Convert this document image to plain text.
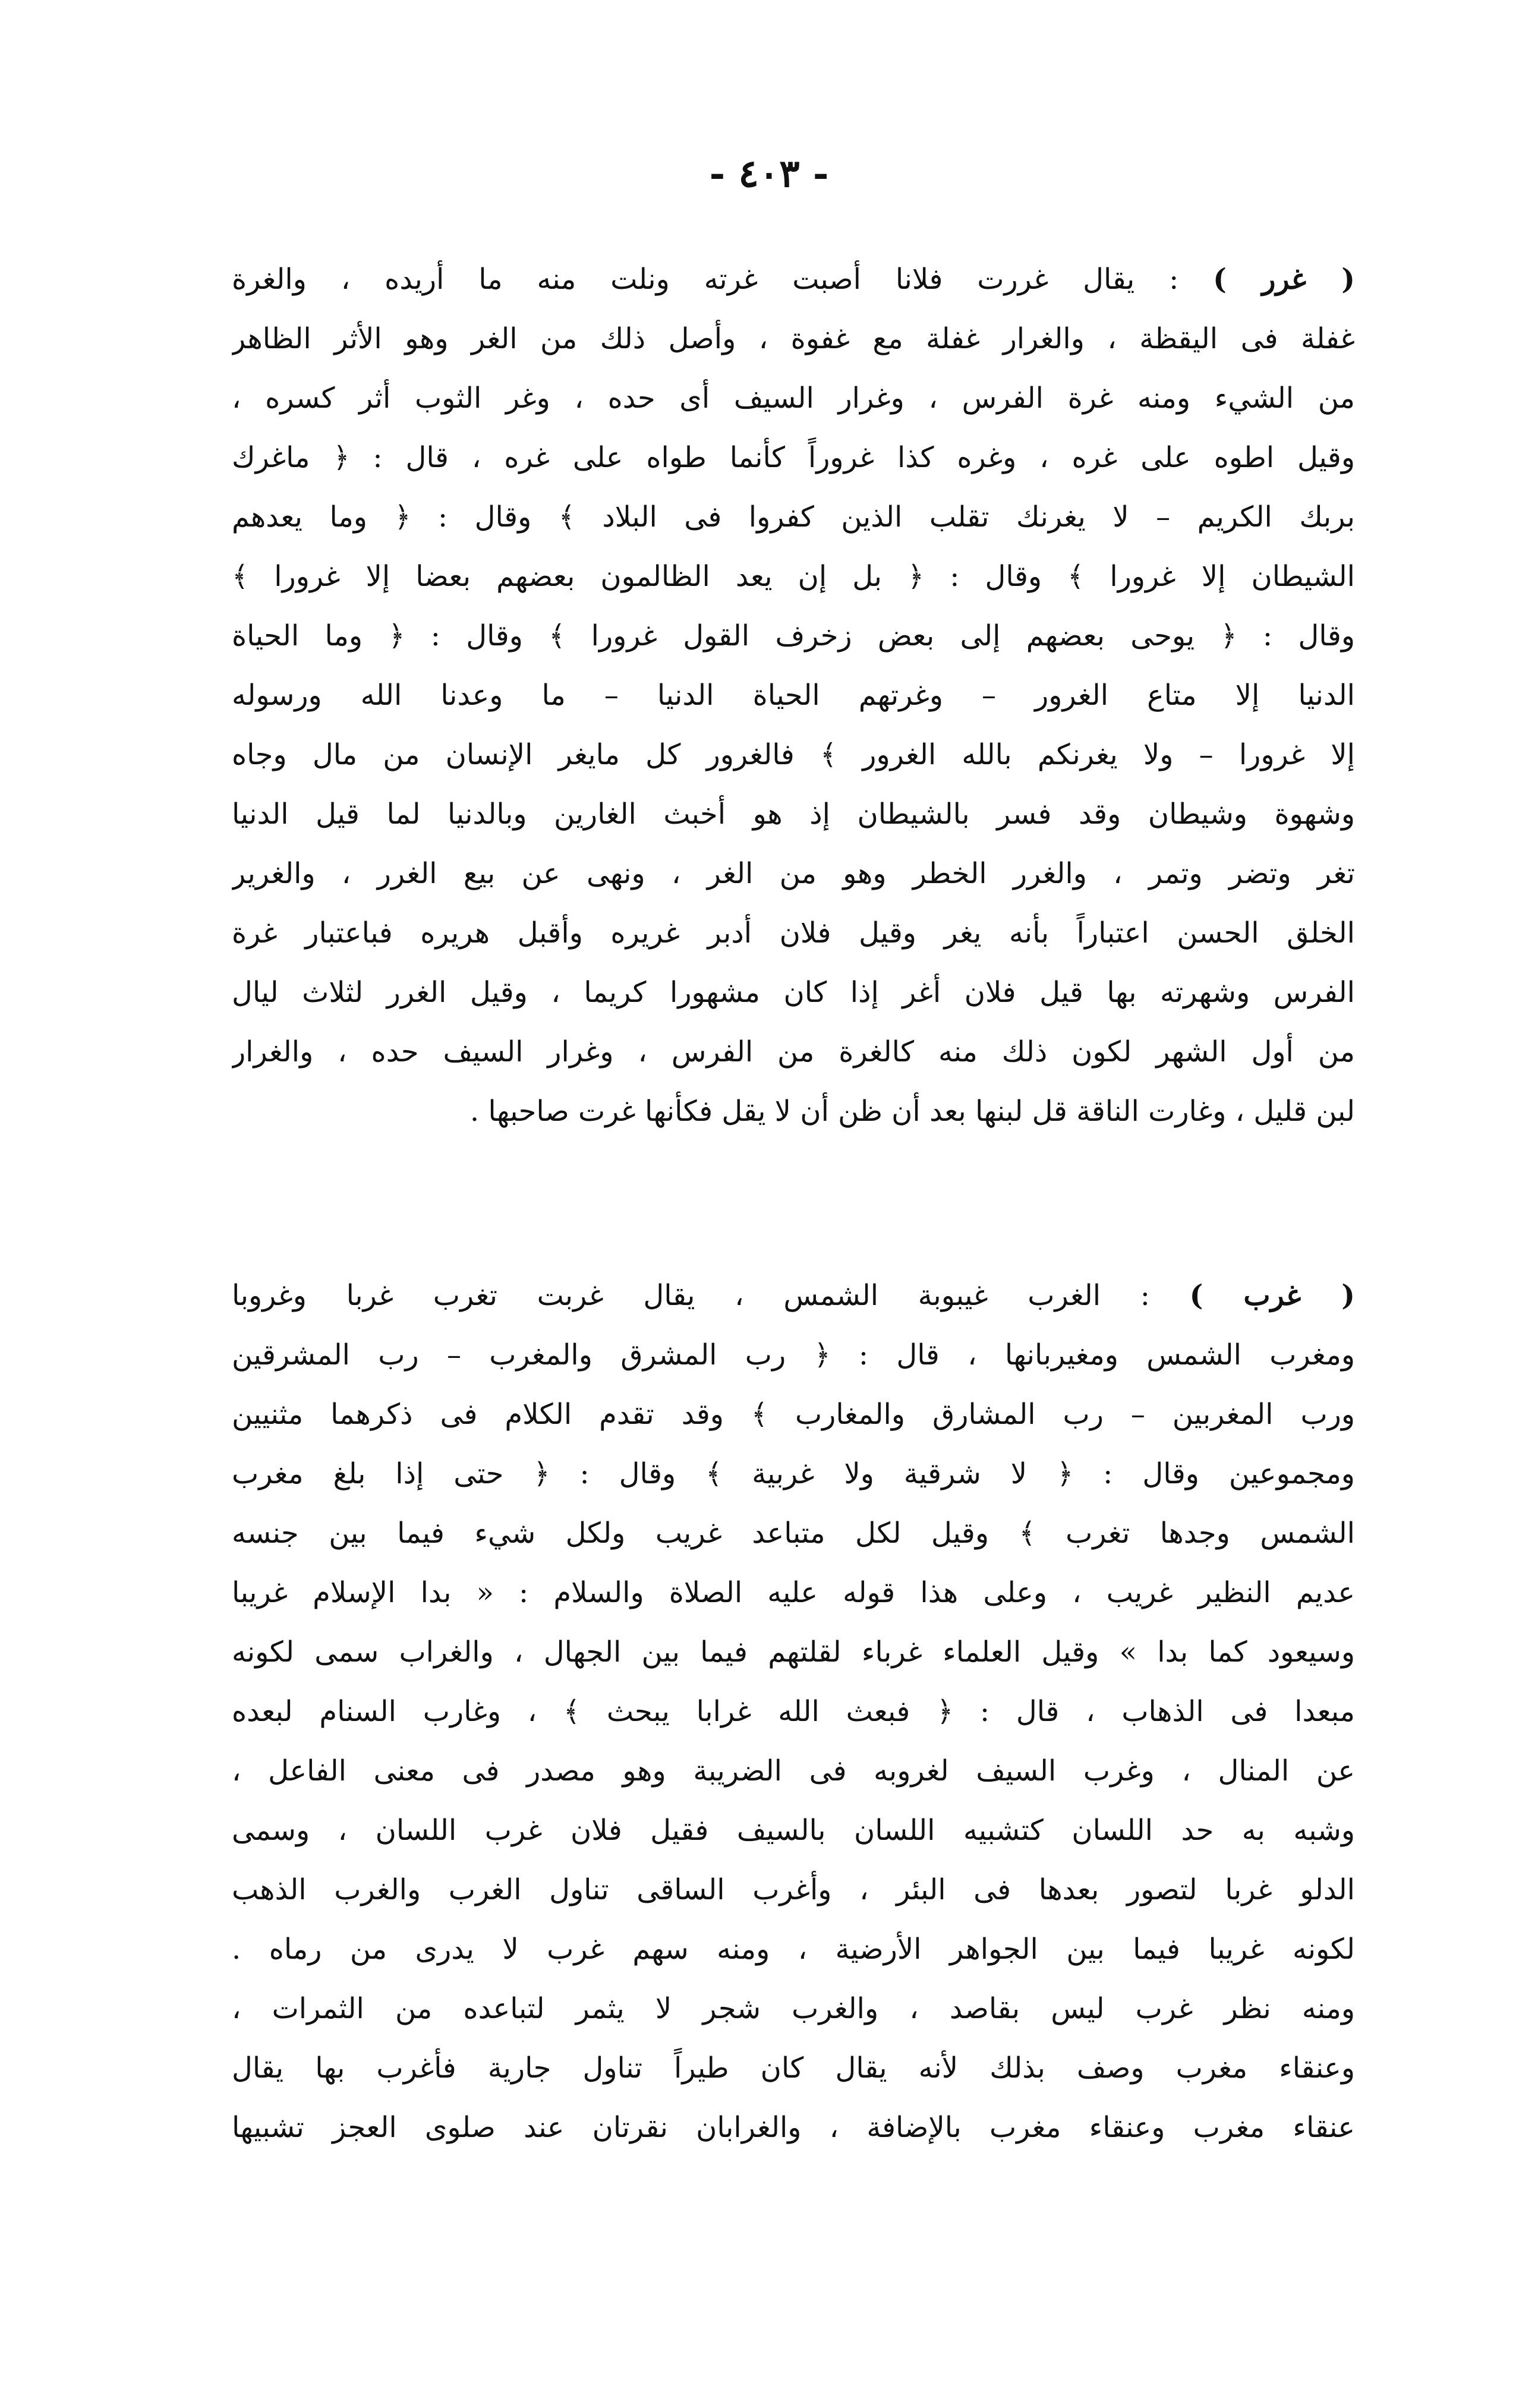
- ٤٠٣ -
( غرر ) : يقال غررت فلانا أصبت غرته ونلت منه ما أريده ، والغرة
غفلة فى اليقظة ، والغرار غفلة مع غفوة ، وأصل ذلك من الغر وهو الأثر الظاهر
من الشيء ومنه غرة الفرس ، وغرار السيف أى حده ، وغر الثوب أثر كسره ،
وقيل اطوه على غره ، وغره كذا غروراً كأنما طواه على غره ، قال : ﴿ ماغرك
بربك الكريم – لا يغرنك تقلب الذين كفروا فى البلاد ﴾ وقال : ﴿ وما يعدهم
الشيطان إلا غرورا ﴾ وقال : ﴿ بل إن يعد الظالمون بعضهم بعضا إلا غرورا ﴾
وقال : ﴿ يوحى بعضهم إلى بعض زخرف القول غرورا ﴾ وقال : ﴿ وما الحياة
الدنيا إلا متاع الغرور – وغرتهم الحياة الدنيا – ما وعدنا الله ورسوله
إلا غرورا – ولا يغرنكم بالله الغرور ﴾ فالغرور كل مايغر الإنسان من مال وجاه
وشهوة وشيطان وقد فسر بالشيطان إذ هو أخبث الغارين وبالدنيا لما قيل الدنيا
تغر وتضر وتمر ، والغرر الخطر وهو من الغر ، ونهى عن بيع الغرر ، والغرير
الخلق الحسن اعتباراً بأنه يغر وقيل فلان أدبر غريره وأقبل هريره فباعتبار غرة
الفرس وشهرته بها قيل فلان أغر إذا كان مشهورا كريما ، وقيل الغرر لثلاث ليال
من أول الشهر لكون ذلك منه كالغرة من الفرس ، وغرار السيف حده ، والغرار
لبن قليل ، وغارت الناقة قل لبنها بعد أن ظن أن لا يقل فكأنها غرت صاحبها .
( غرب ) : الغرب غيبوبة الشمس ، يقال غربت تغرب غربا وغروبا
ومغرب الشمس ومغيربانها ، قال : ﴿ رب المشرق والمغرب – رب المشرقين
ورب المغربين – رب المشارق والمغارب ﴾ وقد تقدم الكلام فى ذكرهما مثنيين
ومجموعين وقال : ﴿ لا شرقية ولا غربية ﴾ وقال : ﴿ حتى إذا بلغ مغرب
الشمس وجدها تغرب ﴾ وقيل لكل متباعد غريب ولكل شيء فيما بين جنسه
عديم النظير غريب ، وعلى هذا قوله عليه الصلاة والسلام : « بدا الإسلام غريبا
وسيعود كما بدا » وقيل العلماء غرباء لقلتهم فيما بين الجهال ، والغراب سمى لكونه
مبعدا فى الذهاب ، قال : ﴿ فبعث الله غرابا يبحث ﴾ ، وغارب السنام لبعده
عن المنال ، وغرب السيف لغروبه فى الضريبة وهو مصدر فى معنى الفاعل ،
وشبه به حد اللسان كتشبيه اللسان بالسيف فقيل فلان غرب اللسان ، وسمى
الدلو غربا لتصور بعدها فى البئر ، وأغرب الساقى تناول الغرب والغرب الذهب
لكونه غريبا فيما بين الجواهر الأرضية ، ومنه سهم غرب لا يدرى من رماه .
ومنه نظر غرب ليس بقاصد ، والغرب شجر لا يثمر لتباعده من الثمرات ،
وعنقاء مغرب وصف بذلك لأنه يقال كان طيراً تناول جارية فأغرب بها يقال
عنقاء مغرب وعنقاء مغرب بالإضافة ، والغرابان نقرتان عند صلوى العجز تشبيها
